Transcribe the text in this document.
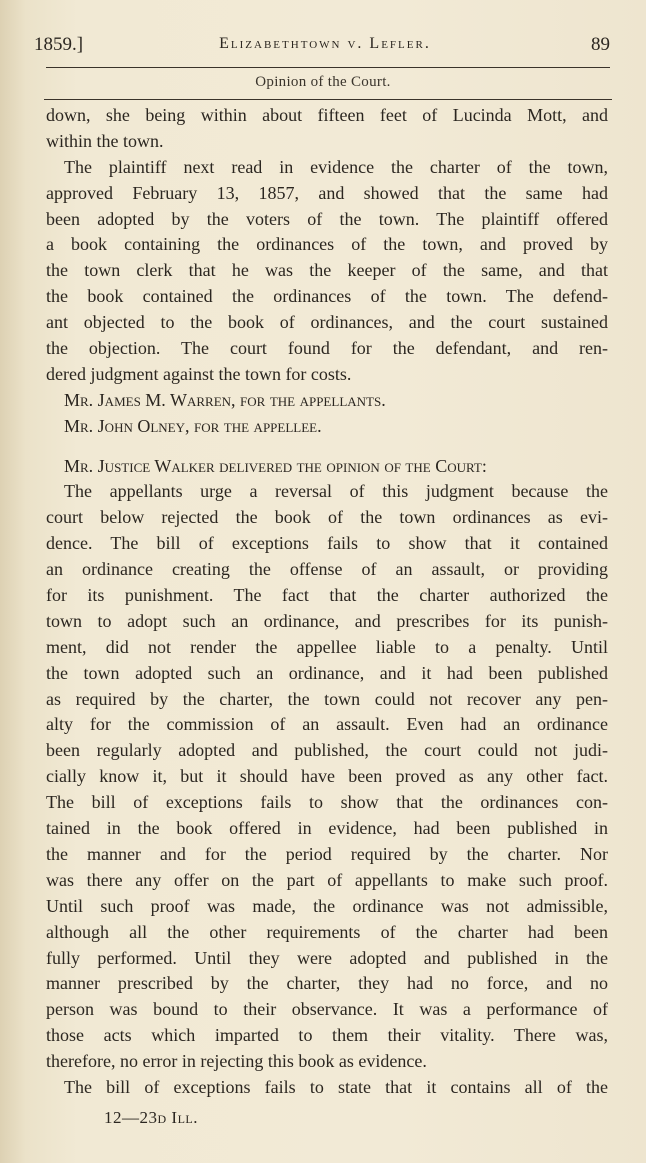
1859.]	Elizabethtown v. Lefler.	89
Opinion of the Court.
down, she being within about fifteen feet of Lucinda Mott, and
within the town.
The plaintiff next read in evidence the charter of the town,
approved February 13, 1857, and showed that the same had
been adopted by the voters of the town. The plaintiff offered
a book containing the ordinances of the town, and proved by
the town clerk that he was the keeper of the same, and that
the book contained the ordinances of the town. The defend-
ant objected to the book of ordinances, and the court sustained
the objection. The court found for the defendant, and ren-
dered judgment against the town for costs.
Mr. James M. Warren, for the appellants.
Mr. John Olney, for the appellee.
Mr. Justice Walker delivered the opinion of the Court:
The appellants urge a reversal of this judgment because the
court below rejected the book of the town ordinances as evi-
dence. The bill of exceptions fails to show that it contained
an ordinance creating the offense of an assault, or providing
for its punishment. The fact that the charter authorized the
town to adopt such an ordinance, and prescribes for its punish-
ment, did not render the appellee liable to a penalty. Until
the town adopted such an ordinance, and it had been published
as required by the charter, the town could not recover any pen-
alty for the commission of an assault. Even had an ordinance
been regularly adopted and published, the court could not judi-
cially know it, but it should have been proved as any other fact.
The bill of exceptions fails to show that the ordinances con-
tained in the book offered in evidence, had been published in
the manner and for the period required by the charter. Nor
was there any offer on the part of appellants to make such proof.
Until such proof was made, the ordinance was not admissible,
although all the other requirements of the charter had been
fully performed. Until they were adopted and published in the
manner prescribed by the charter, they had no force, and no
person was bound to their observance. It was a performance of
those acts which imparted to them their vitality. There was,
therefore, no error in rejecting this book as evidence.
The bill of exceptions fails to state that it contains all of the
12—23d Ill.
